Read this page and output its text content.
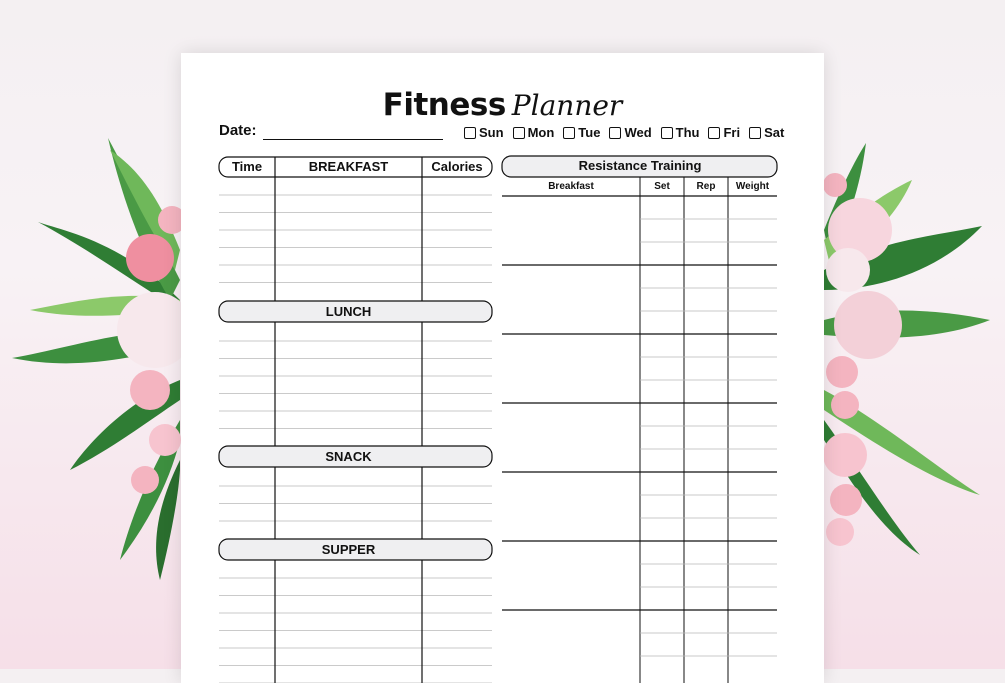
Fitness Planner
Date:	Sun Mon Tue Wed Thu Fri Sat
Time	BREAKFAST	Calories
LUNCH
SNACK
SUPPER
Resistance Training
Breakfast	Set	Rep	Weight
